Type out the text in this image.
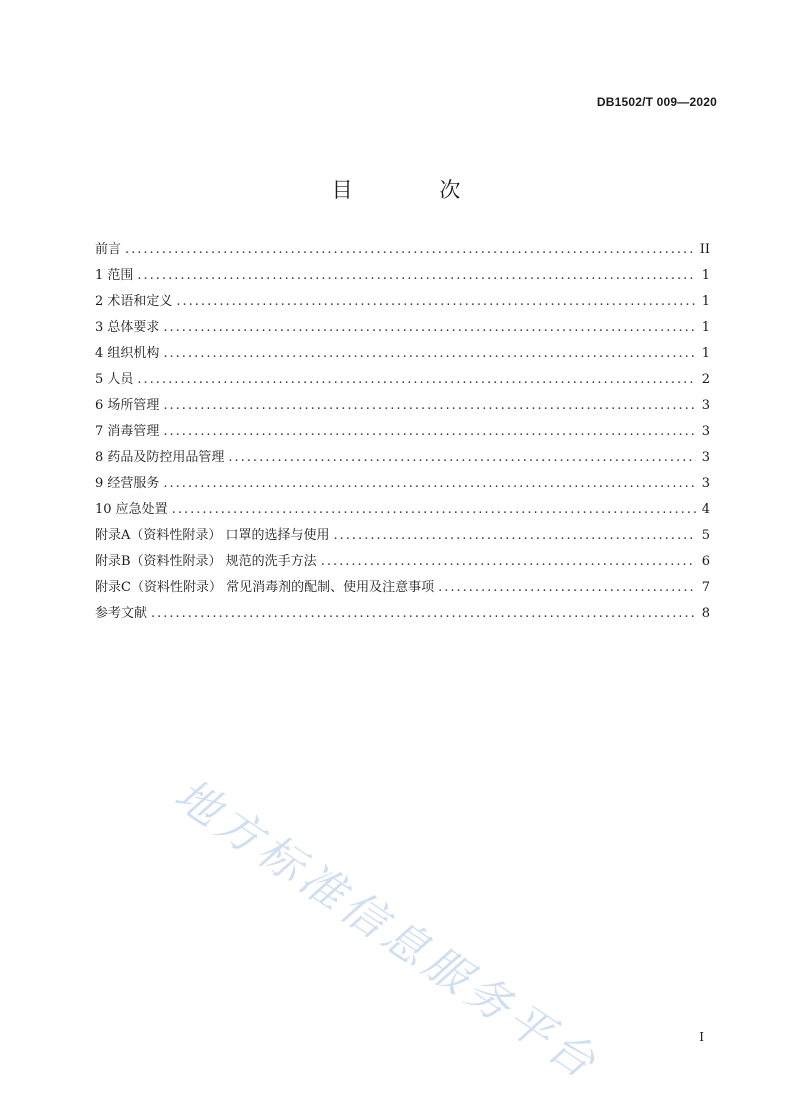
DB1502/T 009—2020
目 次
前言 .....	II
1 范围 .....	1
2 术语和定义 .....	1
3 总体要求 .....	1
4 组织机构 .....	1
5 人员 .....	2
6 场所管理 .....	3
7 消毒管理 .....	3
8 药品及防控用品管理 .....	3
9 经营服务 .....	3
10 应急处置 .....	4
附录A（资料性附录） 口罩的选择与使用 .....	5
附录B（资料性附录） 规范的洗手方法 .....	6
附录C（资料性附录） 常见消毒剂的配制、使用及注意事项 .....	7
参考文献 .....	8
地方标准信息服务平台	I
